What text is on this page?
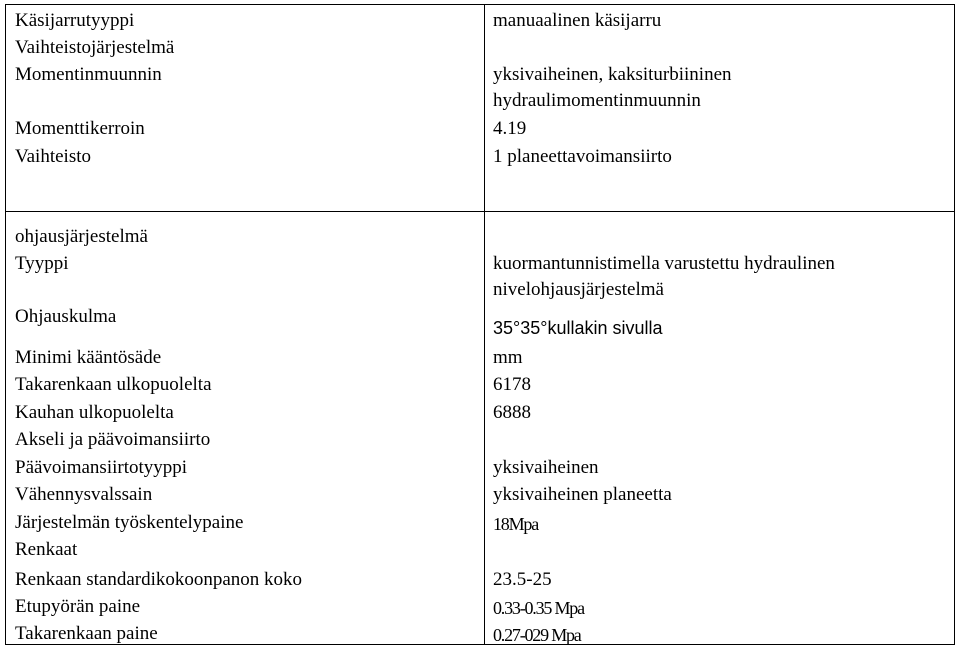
Käsijarrutyyppi
Vaihteistojärjestelmä
Momentinmuunnin
Momenttikerroin
Vaihteisto
ohjausjärjestelmä
Tyyppi
Ohjauskulma
Minimi kääntösäde
Takarenkaan ulkopuolelta
Kauhan ulkopuolelta
Akseli ja päävoimansiirto
Päävoimansiirtotyyppi
Vähennysvalssain
Järjestelmän työskentelypaine
Renkaat
Renkaan standardikokoonpanon koko
Etupyörän paine
Takarenkaan paine
manuaalinen käsijarru
yksivaiheinen, kaksiturbiininen
hydraulimomentinmuunnin
4.19
1 planeettavoimansiirto
kuormantunnistimella varustettu hydraulinen
nivelohjausjärjestelmä
35°35°kullakin sivulla
mm
6178
6888
yksivaiheinen
yksivaiheinen planeetta
18Mpa
23.5-25
0.33-0.35 Mpa
0.27-029 Mpa
